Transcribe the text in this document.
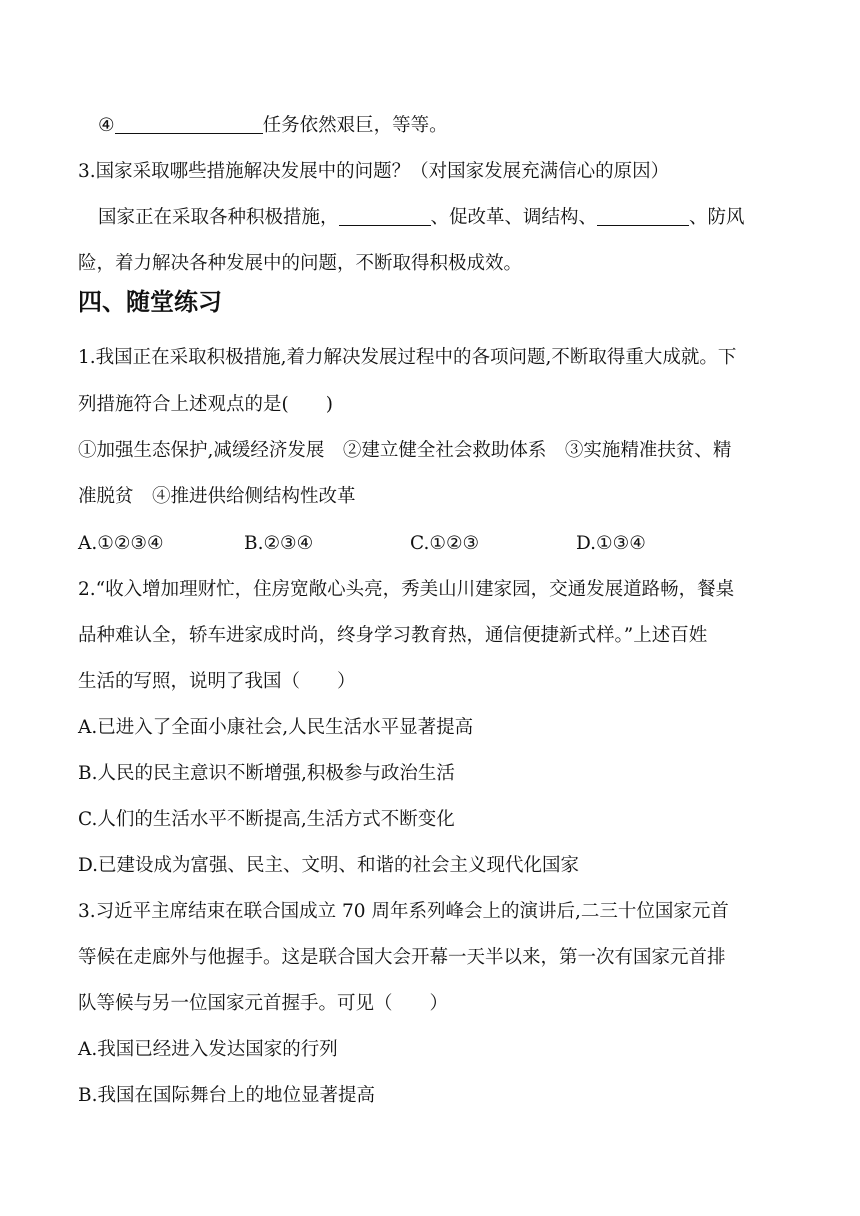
④	任务依然艰巨，等等。
3.国家采取哪些措施解决发展中的问题？（对国家发展充满信心的原因）
国家正在采取各种积极措施，	、促改革、调结构、	、防风
险，着力解决各种发展中的问题，不断取得积极成效。
四、随堂练习
1.我国正在采取积极措施,着力解决发展过程中的各项问题,不断取得重大成就。下
列措施符合上述观点的是(　　)
①加强生态保护,减缓经济发展　②建立健全社会救助体系　③实施精准扶贫、精
准脱贫　④推进供给侧结构性改革
A.①②③④	B.②③④	C.①②③	D.①③④
2.“收入增加理财忙，住房宽敞心头亮，秀美山川建家园，交通发展道路畅，餐桌
品种难认全，轿车进家成时尚，终身学习教育热，通信便捷新式样。”上述百姓
生活的写照，说明了我国（　　）
A.已进入了全面小康社会,人民生活水平显著提高
B.人民的民主意识不断增强,积极参与政治生活
C.人们的生活水平不断提高,生活方式不断变化
D.已建设成为富强、民主、文明、和谐的社会主义现代化国家
3.习近平主席结束在联合国成立 70 周年系列峰会上的演讲后,二三十位国家元首
等候在走廊外与他握手。这是联合国大会开幕一天半以来，第一次有国家元首排
队等候与另一位国家元首握手。可见（　　）
A.我国已经进入发达国家的行列
B.我国在国际舞台上的地位显著提高
